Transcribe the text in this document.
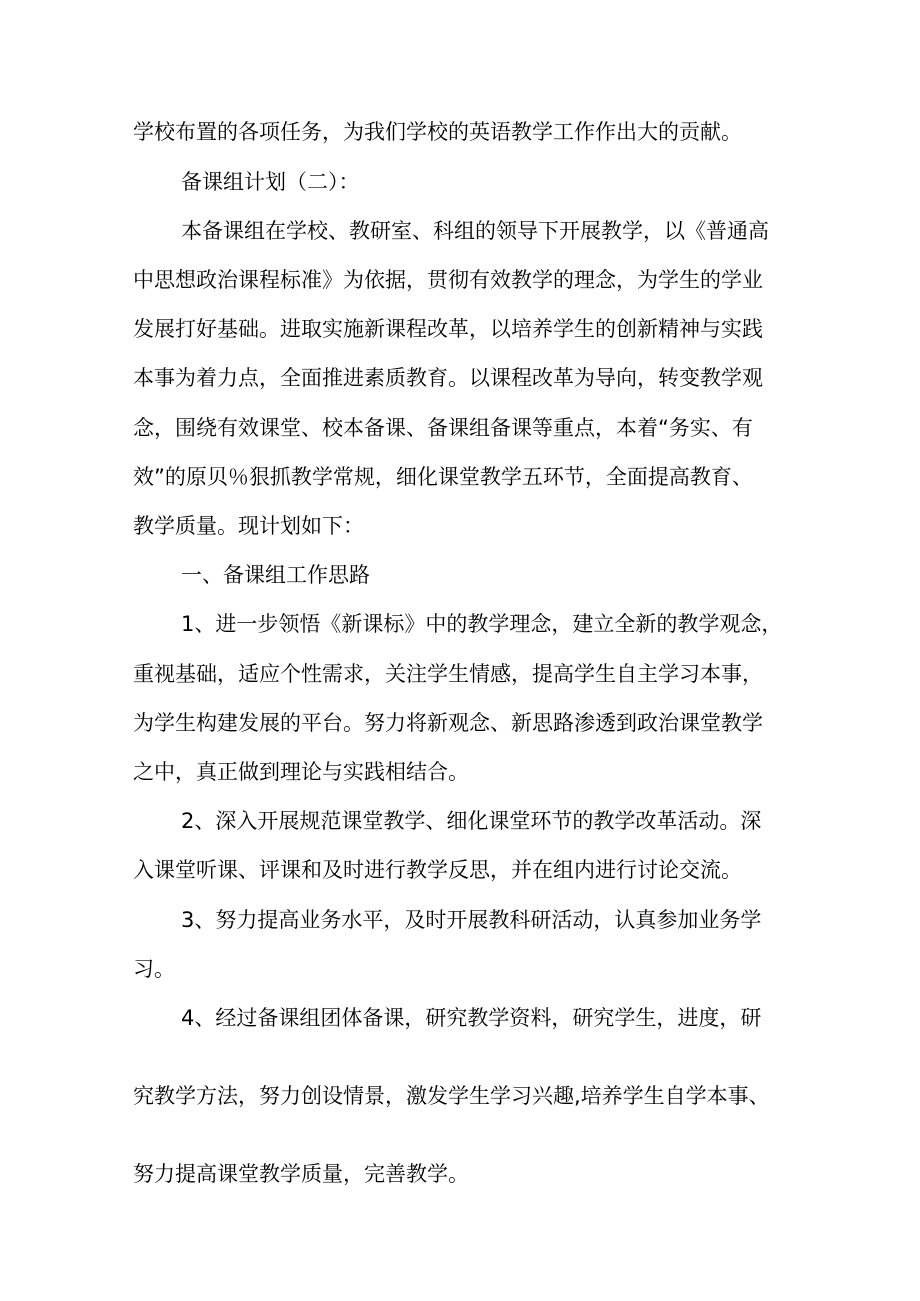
学校布置的各项任务，为我们学校的英语教学工作作出大的贡献。
备课组计划（二）：
本备课组在学校、教研室、科组的领导下开展教学，以《普通高
中思想政治课程标准》为依据，贯彻有效教学的理念，为学生的学业
发展打好基础。进取实施新课程改革，以培养学生的创新精神与实践
本事为着力点，全面推进素质教育。以课程改革为导向，转变教学观
念，围绕有效课堂、校本备课、备课组备课等重点，本着“务实、有
效”的原贝％狠抓教学常规，细化课堂教学五环节，全面提高教育、
教学质量。现计划如下：
一、备课组工作思路
1、进一步领悟《新课标》中的教学理念，建立全新的教学观念，
重视基础，适应个性需求，关注学生情感，提高学生自主学习本事，
为学生构建发展的平台。努力将新观念、新思路渗透到政治课堂教学
之中，真正做到理论与实践相结合。
2、深入开展规范课堂教学、细化课堂环节的教学改革活动。深
入课堂听课、评课和及时进行教学反思，并在组内进行讨论交流。
3、努力提高业务水平，及时开展教科研活动，认真参加业务学
习。
4、经过备课组团体备课，研究教学资料，研究学生，进度，研
究教学方法，努力创设情景，激发学生学习兴趣,培养学生自学本事、
努力提高课堂教学质量，完善教学。
